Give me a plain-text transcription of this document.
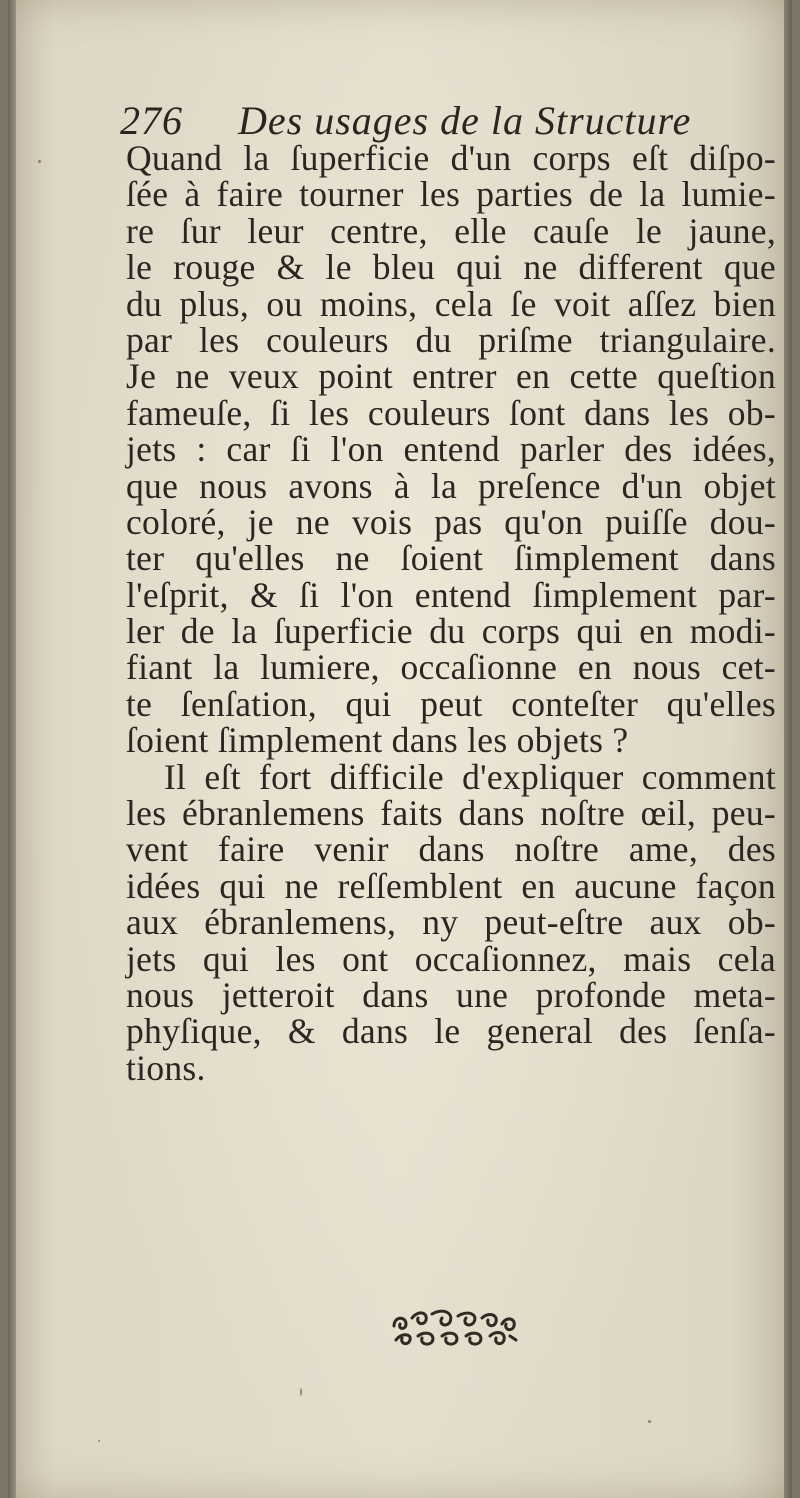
276 Des usages de la Structure
Quand la ſuperficie d'un corps eſt diſpo-
ſée à faire tourner les parties de la lumie-
re ſur leur centre, elle cauſe le jaune,
le rouge & le bleu qui ne different que
du plus, ou moins, cela ſe voit aſſez bien
par les couleurs du priſme triangulaire.
Je ne veux point entrer en cette queſtion
fameuſe, ſi les couleurs ſont dans les ob-
jets : car ſi l'on entend parler des idées,
que nous avons à la preſence d'un objet
coloré, je ne vois pas qu'on puiſſe dou-
ter qu'elles ne ſoient ſimplement dans
l'eſprit, & ſi l'on entend ſimplement par-
ler de la ſuperficie du corps qui en modi-
fiant la lumiere, occaſionne en nous cet-
te ſenſation, qui peut conteſter qu'elles
ſoient ſimplement dans les objets ?
Il eſt fort difficile d'expliquer comment
les ébranlemens faits dans noſtre œil, peu-
vent faire venir dans noſtre ame, des
idées qui ne reſſemblent en aucune façon
aux ébranlemens, ny peut-eſtre aux ob-
jets qui les ont occaſionnez, mais cela
nous jetteroit dans une profonde meta-
phyſique, & dans le general des ſenſa-
tions.
